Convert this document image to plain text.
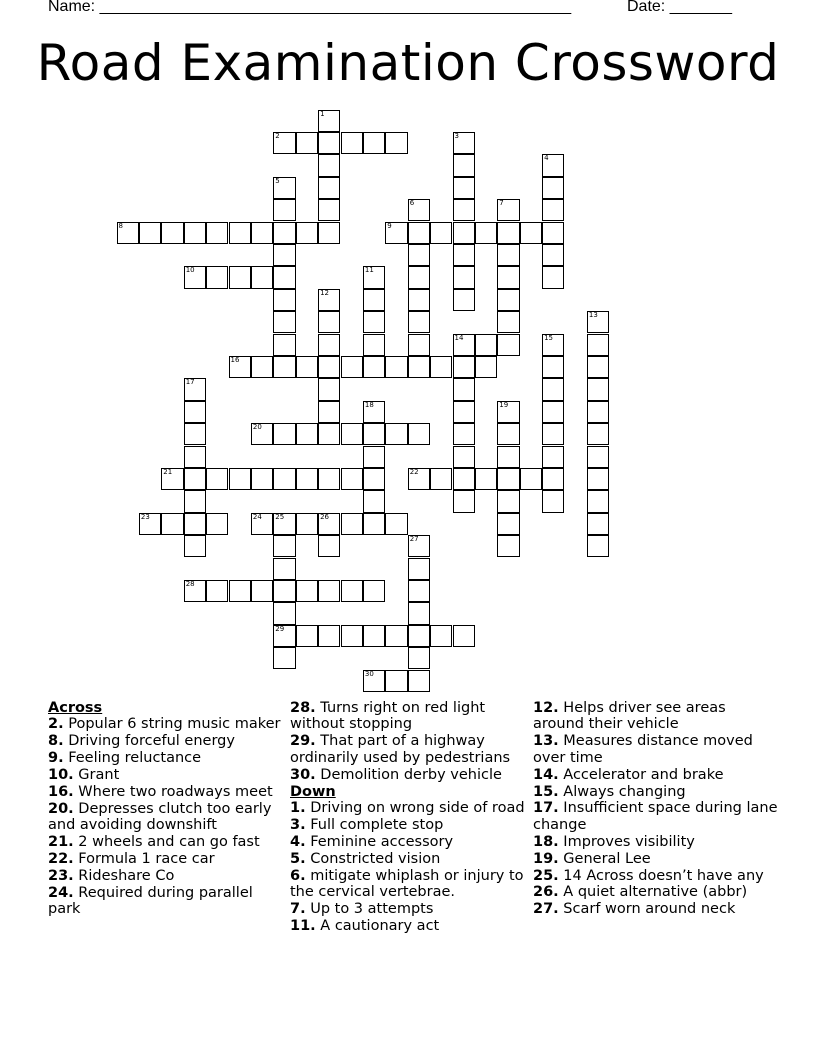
Name: _____________________________________________________	Date: _______
Road Examination Crossword
1
2	3
4
5
6	7
8	9
10	11
12
13
14	15
16
17
18	19
20
21	22
23	24 25	26
27
28
29
30
Across
2. Popular 6 string music maker
8. Driving forceful energy
9. Feeling reluctance
10. Grant
16. Where two roadways meet
20. Depresses clutch too early and avoiding downshift
21. 2 wheels and can go fast
22. Formula 1 race car
23. Rideshare Co
24. Required during parallel park
28. Turns right on red light without stopping
29. That part of a highway ordinarily used by pedestrians
30. Demolition derby vehicle
Down
1. Driving on wrong side of road
3. Full complete stop
4. Feminine accessory
5. Constricted vision
6. mitigate whiplash or injury to the cervical vertebrae.
7. Up to 3 attempts
11. A cautionary act
12. Helps driver see areas around their vehicle
13. Measures distance moved over time
14. Accelerator and brake
15. Always changing
17. Insufficient space during lane change
18. Improves visibility
19. General Lee
25. 14 Across doesn’t have any
26. A quiet alternative (abbr)
27. Scarf worn around neck
